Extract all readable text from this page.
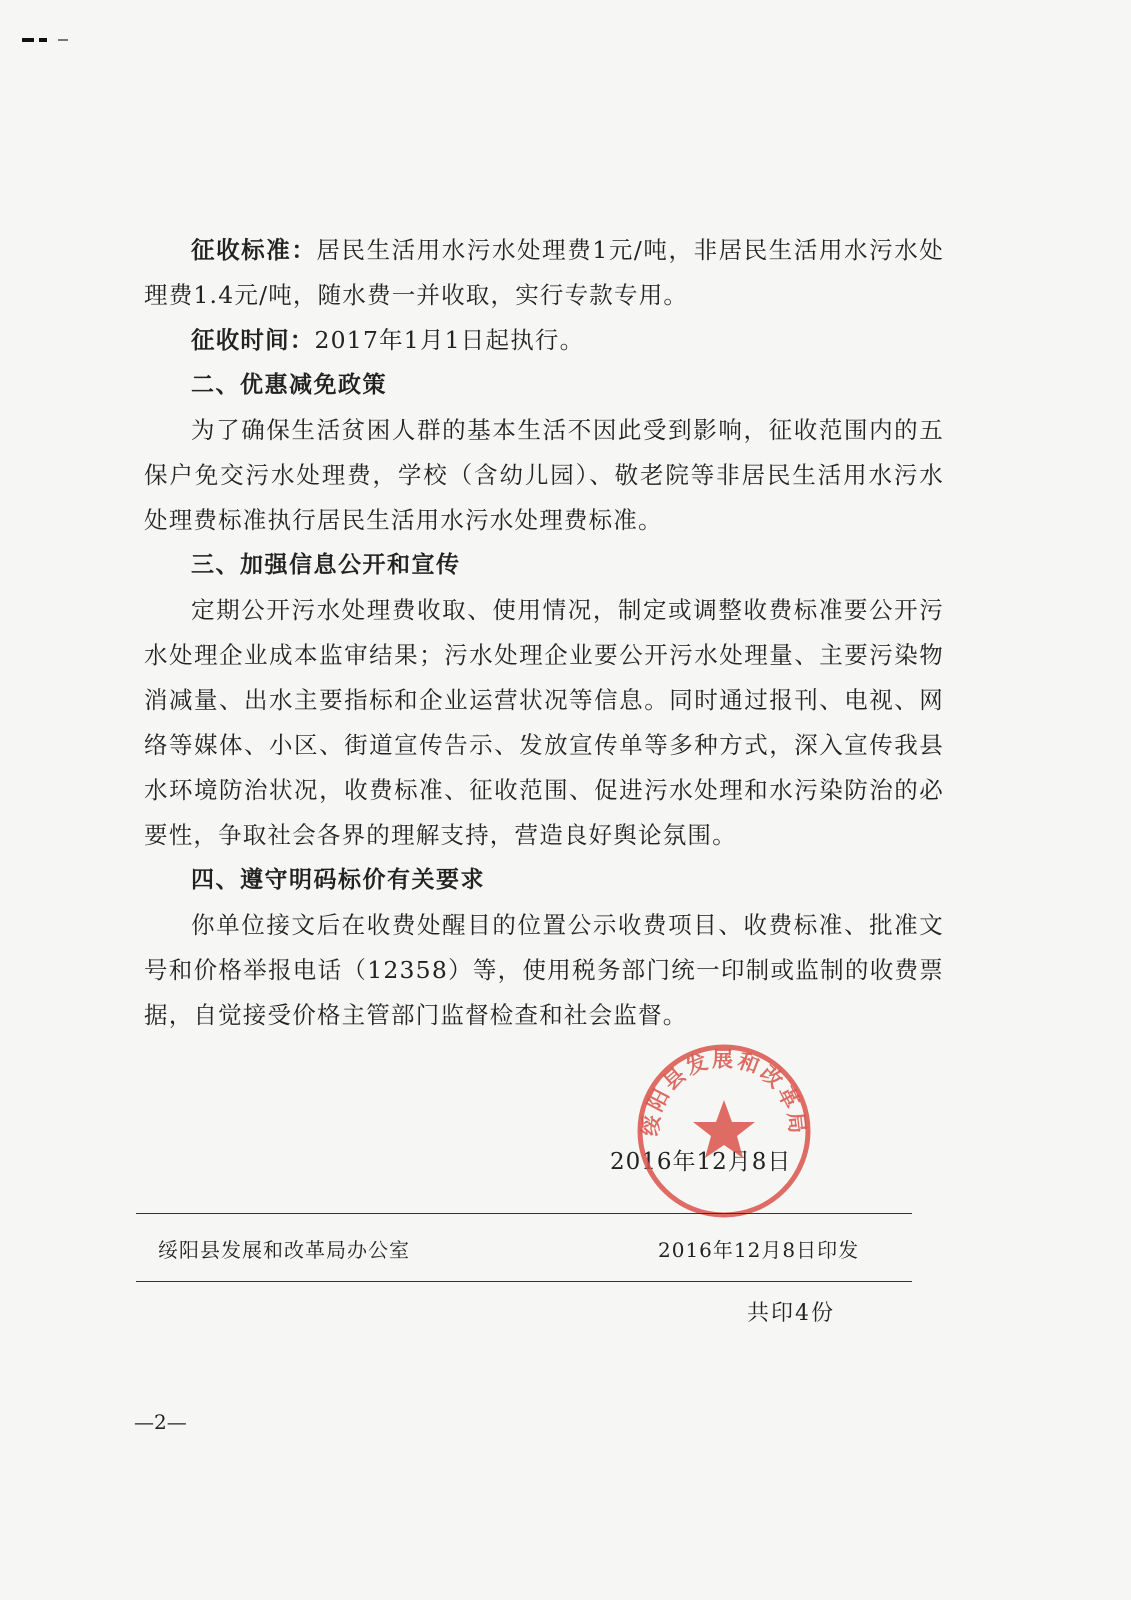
征收标准：居民生活用水污水处理费1元/吨，非居民生活用水污水处理费1.4元/吨，随水费一并收取，实行专款专用。

征收时间：2017年1月1日起执行。

二、优惠减免政策

为了确保生活贫困人群的基本生活不因此受到影响，征收范围内的五保户免交污水处理费，学校（含幼儿园）、敬老院等非居民生活用水污水处理费标准执行居民生活用水污水处理费标准。

三、加强信息公开和宣传

定期公开污水处理费收取、使用情况，制定或调整收费标准要公开污水处理企业成本监审结果；污水处理企业要公开污水处理量、主要污染物消减量、出水主要指标和企业运营状况等信息。同时通过报刊、电视、网络等媒体、小区、街道宣传告示、发放宣传单等多种方式，深入宣传我县水环境防治状况，收费标准、征收范围、促进污水处理和水污染防治的必要性，争取社会各界的理解支持，营造良好舆论氛围。

四、遵守明码标价有关要求

你单位接文后在收费处醒目的位置公示收费项目、收费标准、批准文号和价格举报电话（12358）等，使用税务部门统一印制或监制的收费票据，自觉接受价格主管部门监督检查和社会监督。

2016年12月8日
绥阳县发展和改革局
绥阳县发展和改革局办公室	2016年12月8日印发
共印4份
—2—
